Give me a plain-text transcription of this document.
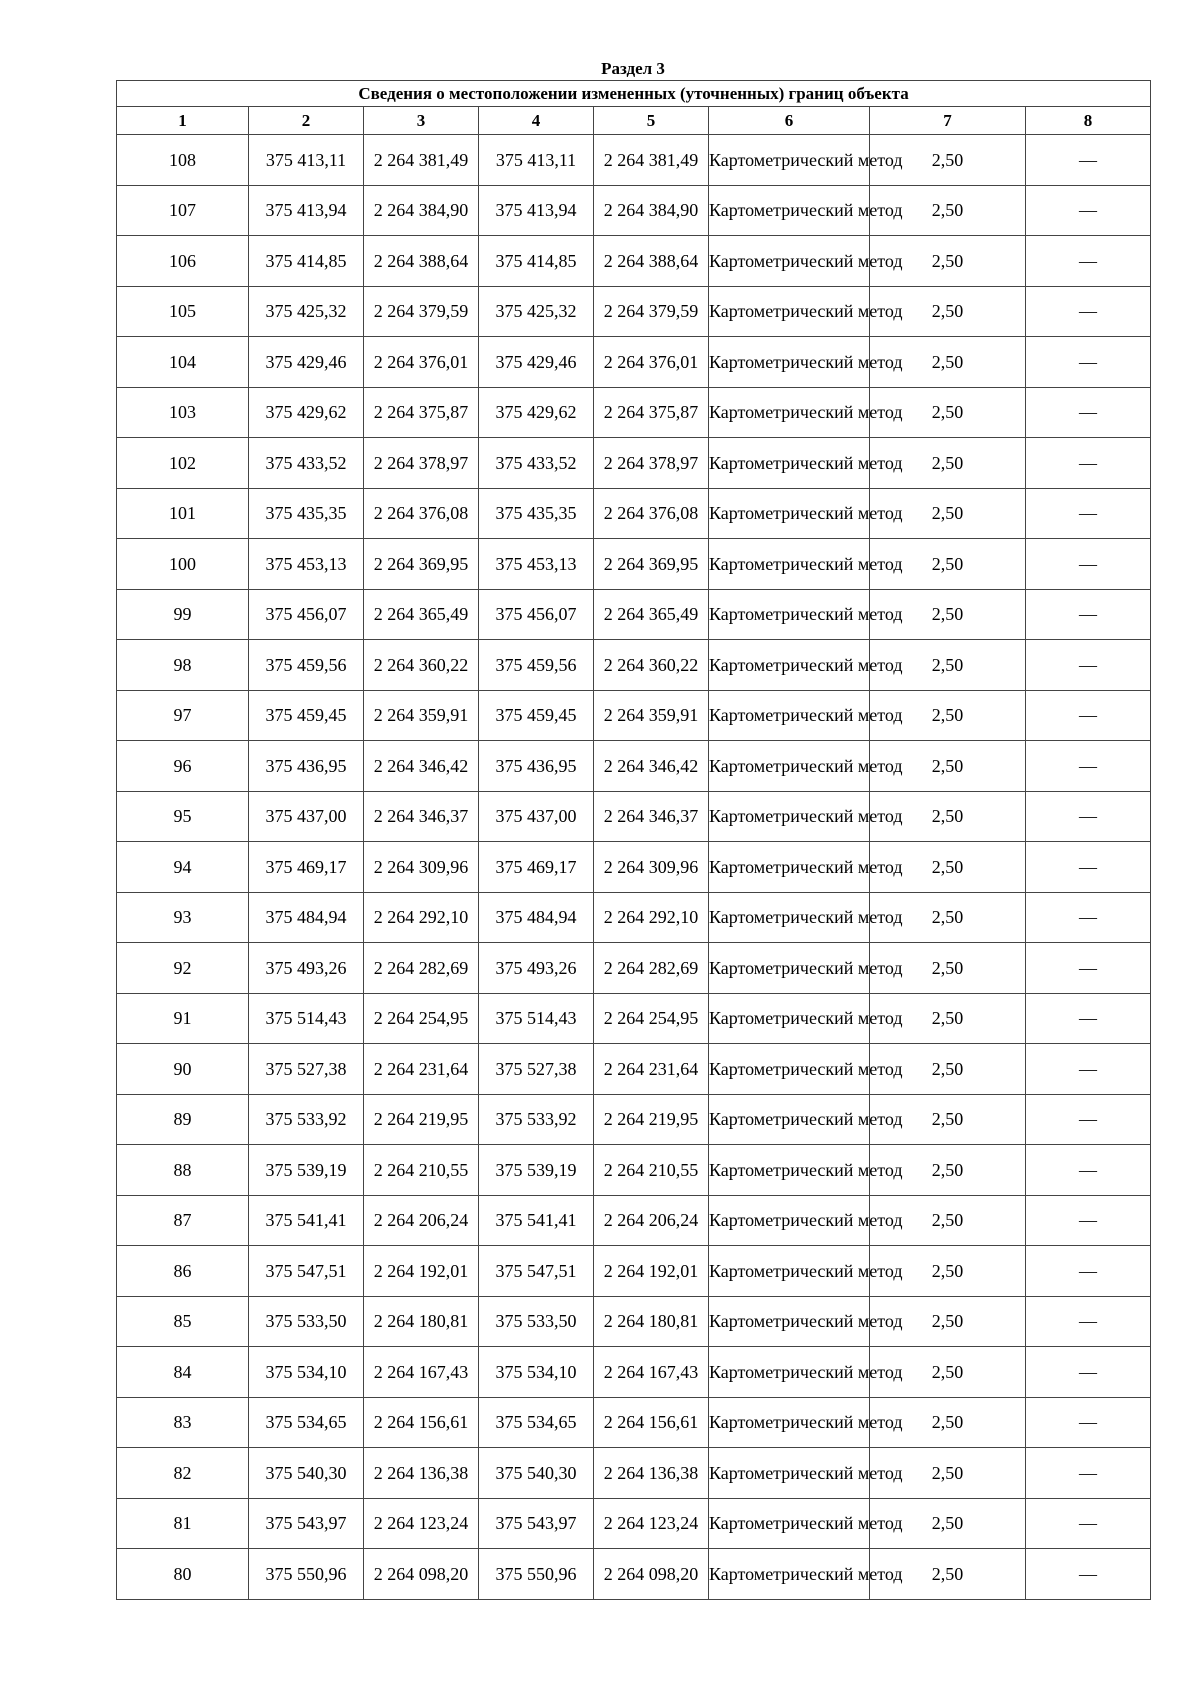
Раздел 3
Сведения о местоположении измененных (уточненных) границ объекта							
1	2	3	4	5	6	7	8
108	375 413,11	2 264 381,49	375 413,11	2 264 381,49	Картометрический метод	2,50	—
107	375 413,94	2 264 384,90	375 413,94	2 264 384,90	Картометрический метод	2,50	—
106	375 414,85	2 264 388,64	375 414,85	2 264 388,64	Картометрический метод	2,50	—
105	375 425,32	2 264 379,59	375 425,32	2 264 379,59	Картометрический метод	2,50	—
104	375 429,46	2 264 376,01	375 429,46	2 264 376,01	Картометрический метод	2,50	—
103	375 429,62	2 264 375,87	375 429,62	2 264 375,87	Картометрический метод	2,50	—
102	375 433,52	2 264 378,97	375 433,52	2 264 378,97	Картометрический метод	2,50	—
101	375 435,35	2 264 376,08	375 435,35	2 264 376,08	Картометрический метод	2,50	—
100	375 453,13	2 264 369,95	375 453,13	2 264 369,95	Картометрический метод	2,50	—
99	375 456,07	2 264 365,49	375 456,07	2 264 365,49	Картометрический метод	2,50	—
98	375 459,56	2 264 360,22	375 459,56	2 264 360,22	Картометрический метод	2,50	—
97	375 459,45	2 264 359,91	375 459,45	2 264 359,91	Картометрический метод	2,50	—
96	375 436,95	2 264 346,42	375 436,95	2 264 346,42	Картометрический метод	2,50	—
95	375 437,00	2 264 346,37	375 437,00	2 264 346,37	Картометрический метод	2,50	—
94	375 469,17	2 264 309,96	375 469,17	2 264 309,96	Картометрический метод	2,50	—
93	375 484,94	2 264 292,10	375 484,94	2 264 292,10	Картометрический метод	2,50	—
92	375 493,26	2 264 282,69	375 493,26	2 264 282,69	Картометрический метод	2,50	—
91	375 514,43	2 264 254,95	375 514,43	2 264 254,95	Картометрический метод	2,50	—
90	375 527,38	2 264 231,64	375 527,38	2 264 231,64	Картометрический метод	2,50	—
89	375 533,92	2 264 219,95	375 533,92	2 264 219,95	Картометрический метод	2,50	—
88	375 539,19	2 264 210,55	375 539,19	2 264 210,55	Картометрический метод	2,50	—
87	375 541,41	2 264 206,24	375 541,41	2 264 206,24	Картометрический метод	2,50	—
86	375 547,51	2 264 192,01	375 547,51	2 264 192,01	Картометрический метод	2,50	—
85	375 533,50	2 264 180,81	375 533,50	2 264 180,81	Картометрический метод	2,50	—
84	375 534,10	2 264 167,43	375 534,10	2 264 167,43	Картометрический метод	2,50	—
83	375 534,65	2 264 156,61	375 534,65	2 264 156,61	Картометрический метод	2,50	—
82	375 540,30	2 264 136,38	375 540,30	2 264 136,38	Картометрический метод	2,50	—
81	375 543,97	2 264 123,24	375 543,97	2 264 123,24	Картометрический метод	2,50	—
80	375 550,96	2 264 098,20	375 550,96	2 264 098,20	Картометрический метод	2,50	—
